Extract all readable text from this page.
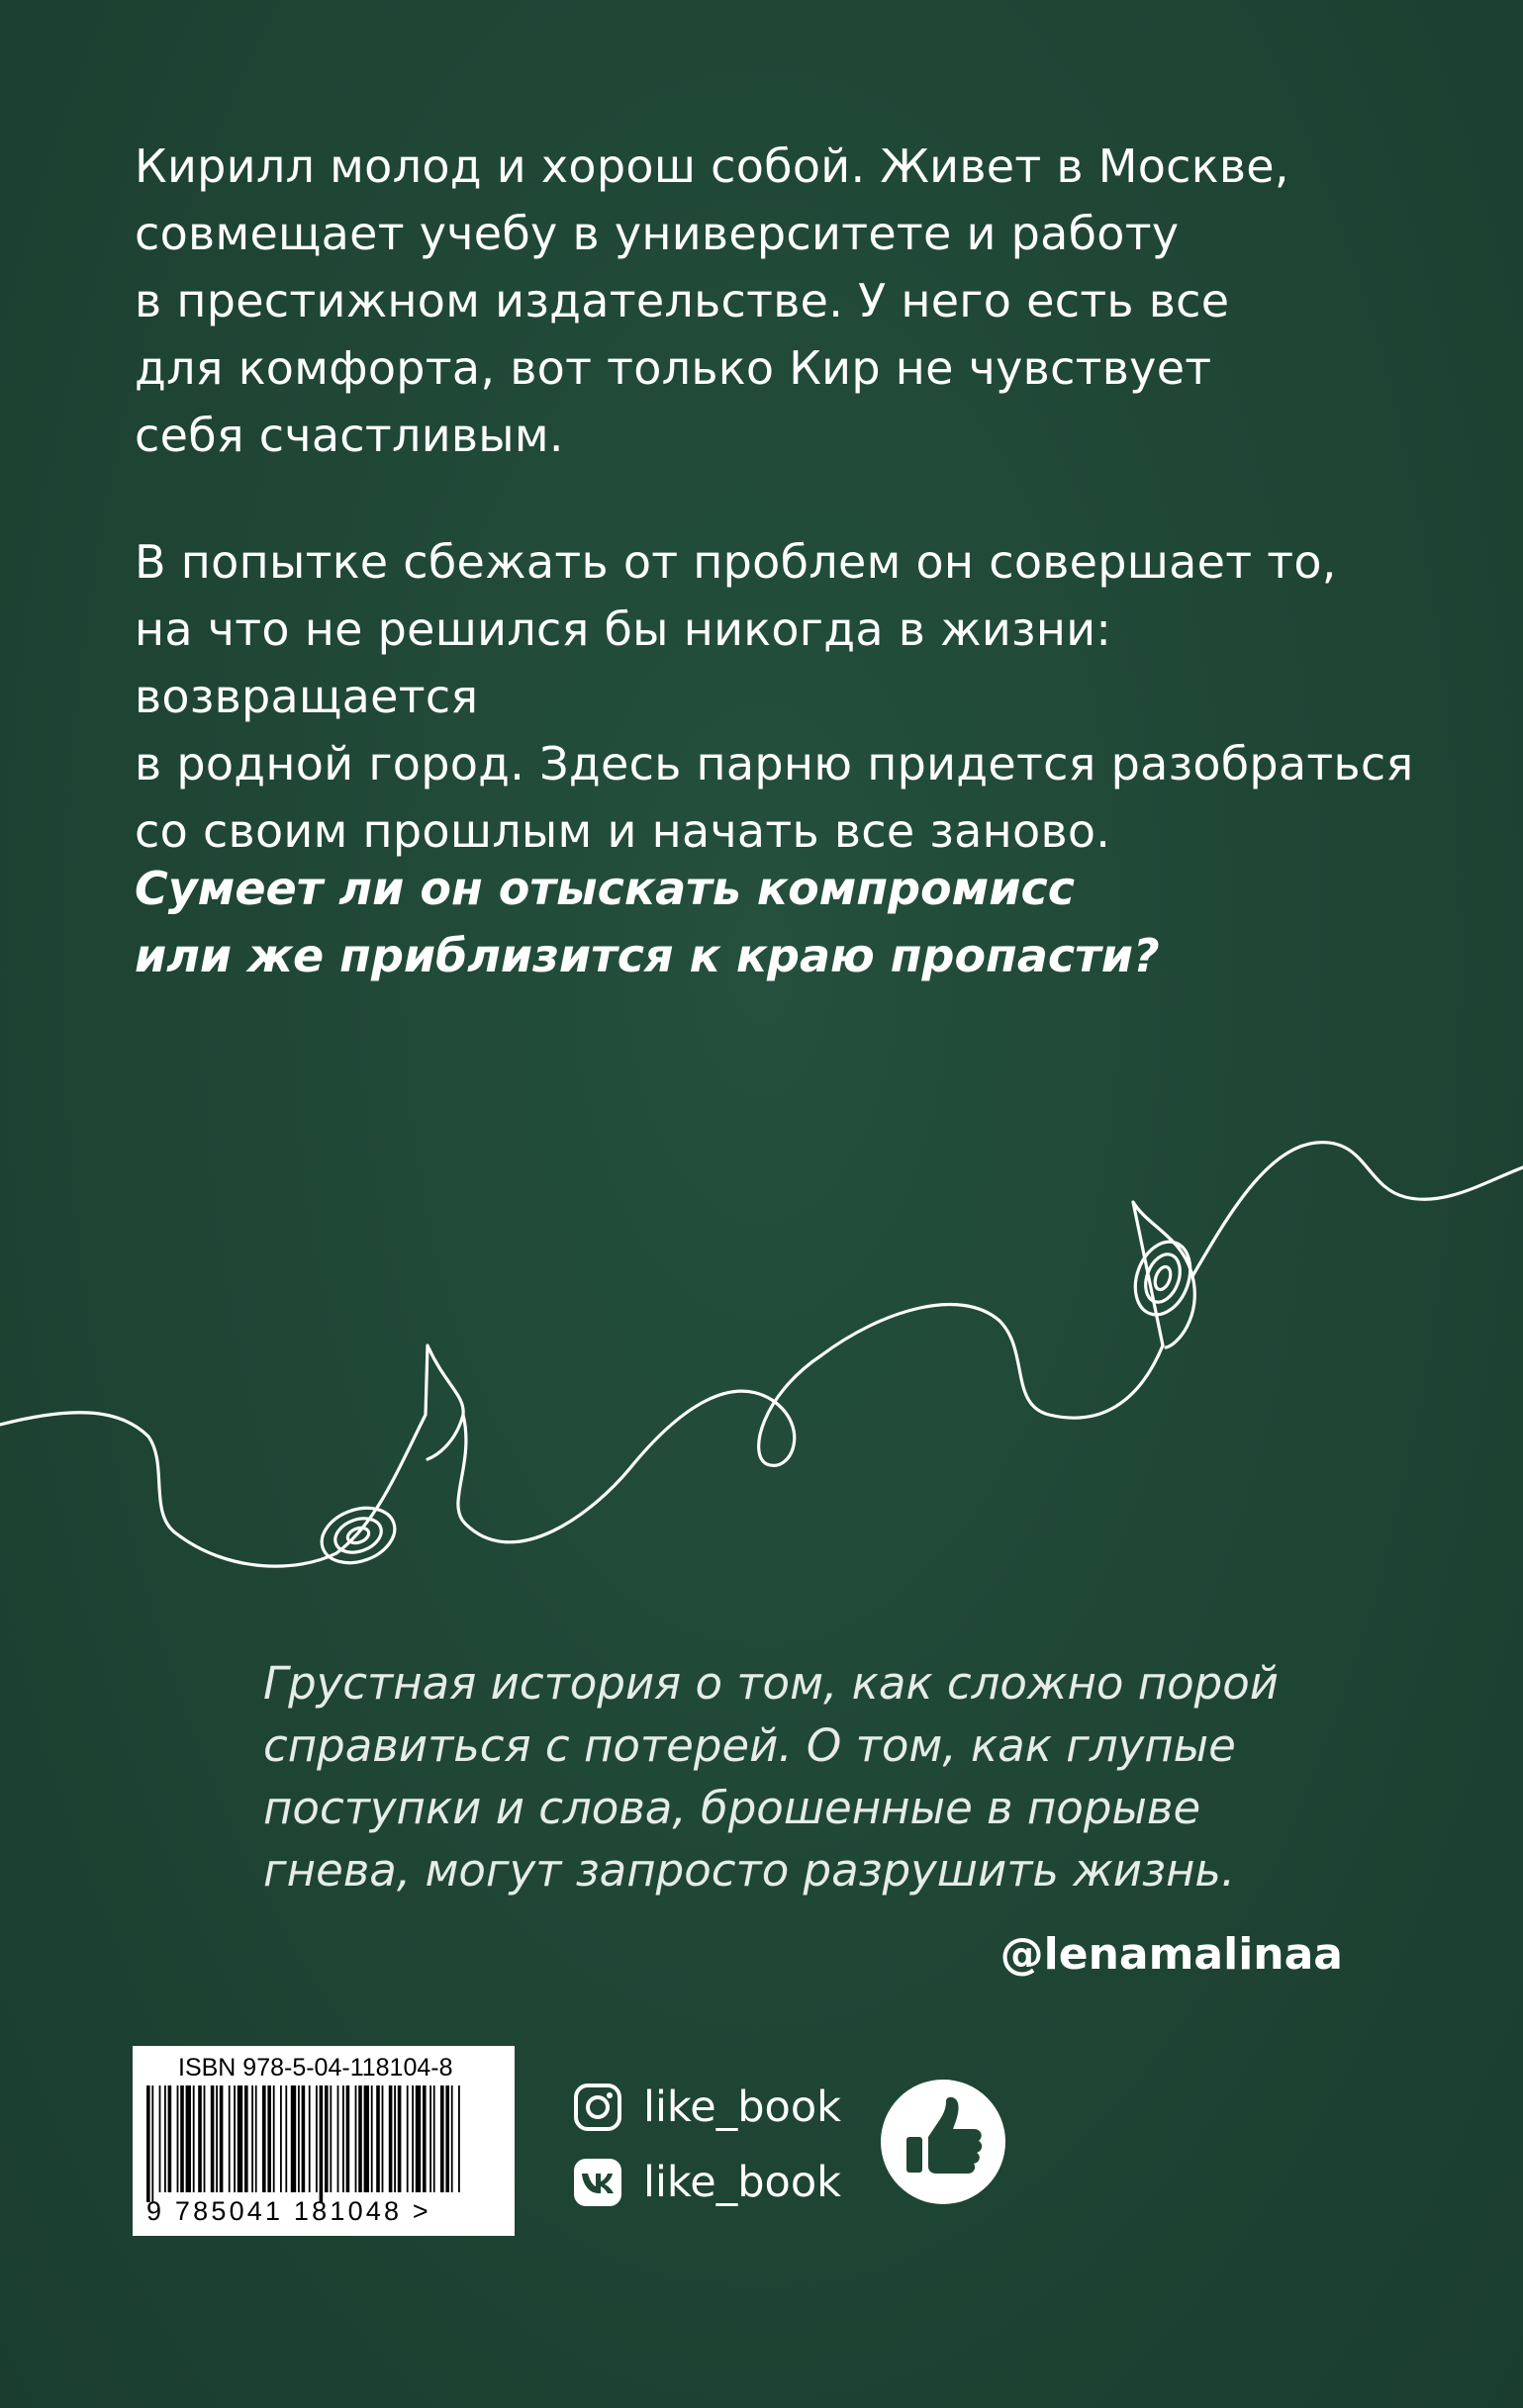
Кирилл молод и хорош собой. Живет в Москве,
совмещает учебу в университете и работу
в престижном издательстве. У него есть все
для комфорта, вот только Кир не чувствует
себя счастливым.

В попытке сбежать от проблем он совершает то,
на что не решился бы никогда в жизни: возвращается
в родной город. Здесь парню придется разобраться
со своим прошлым и начать все заново.

Сумеет ли он отыскать компромисс
или же приблизится к краю пропасти?

Грустная история о том, как сложно порой
справиться с потерей. О том, как глупые
поступки и слова, брошенные в порыве
гнева, могут запросто разрушить жизнь.

@lenamalinaa
ISBN 978-5-04-118104-8
9 785041 181048 >
like_book
like_book
